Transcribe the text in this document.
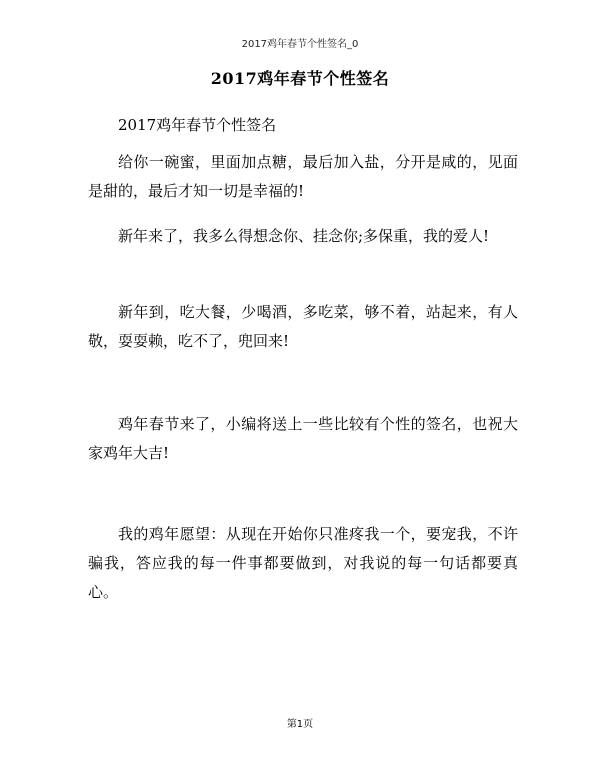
2017鸡年春节个性签名_0
2017鸡年春节个性签名

2017鸡年春节个性签名

给你一碗蜜，里面加点糖，最后加入盐，分开是咸的，见面是甜的，最后才知一切是幸福的!

新年来了，我多么得想念你、挂念你;多保重，我的爱人!

新年到，吃大餐，少喝酒，多吃菜，够不着，站起来，有人敬，耍耍赖，吃不了，兜回来!

鸡年春节来了，小编将送上一些比较有个性的签名，也祝大家鸡年大吉!

我的鸡年愿望：从现在开始你只准疼我一个，要宠我，不许骗我，答应我的每一件事都要做到，对我说的每一句话都要真心。

第1页
